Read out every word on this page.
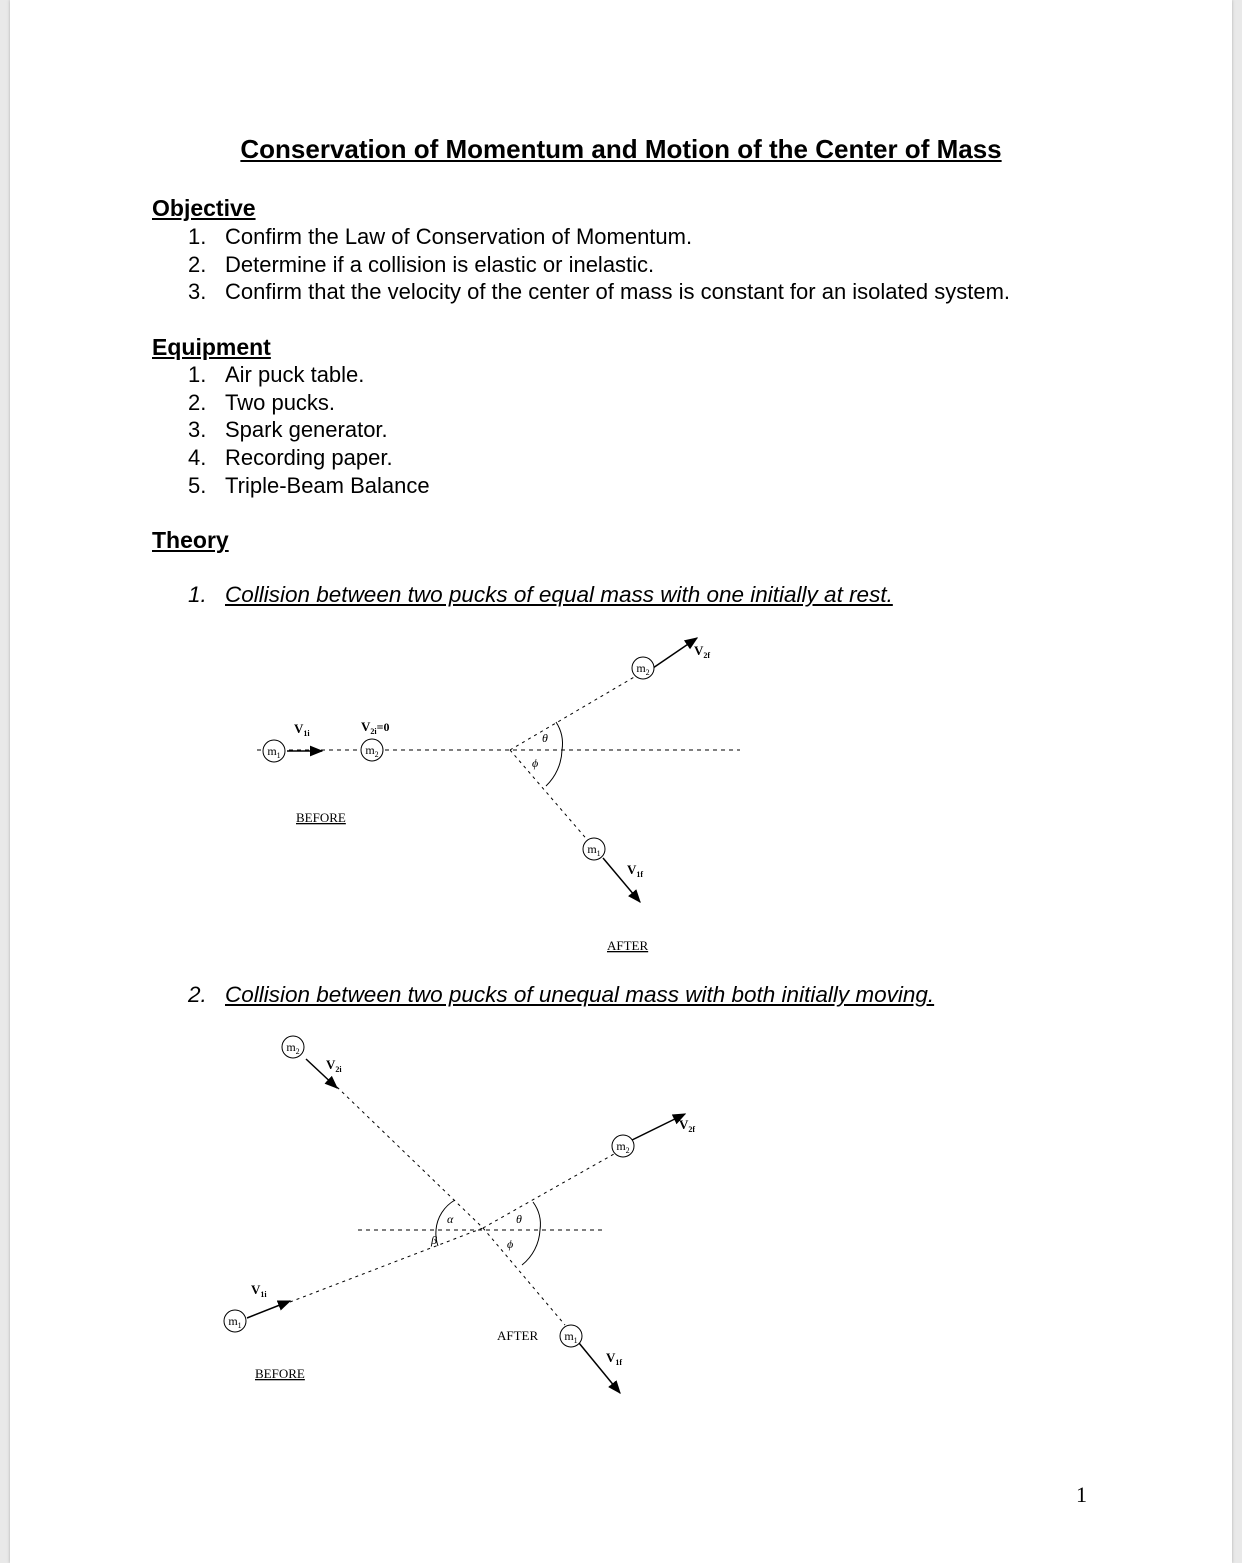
Conservation of Momentum and Motion of the Center of Mass
Objective
1. Confirm the Law of Conservation of Momentum.
2. Determine if a collision is elastic or inelastic.
3. Confirm that the velocity of the center of mass is constant for an isolated system.
Equipment
1. Air puck table.
2. Two pucks.
3. Spark generator.
4. Recording paper.
5. Triple-Beam Balance
Theory
1. Collision between two pucks of equal mass with one initially at rest.
2. Collision between two pucks of unequal mass with both initially moving.
$m_1$	$m_2$
$m_2$
$m_1$
$V_{1i}$	$V_{2i}=0$
$V_{2f}$
$V_{1f}$
θ
ϕ
BEFORE
AFTER
$m_2$
$m_1$
$m_2$
$m_1$
$V_{2i}$
$V_{1i}$
$V_{2f}$
$V_{1f}$
α
β
θ
ϕ
AFTER
BEFORE
1
